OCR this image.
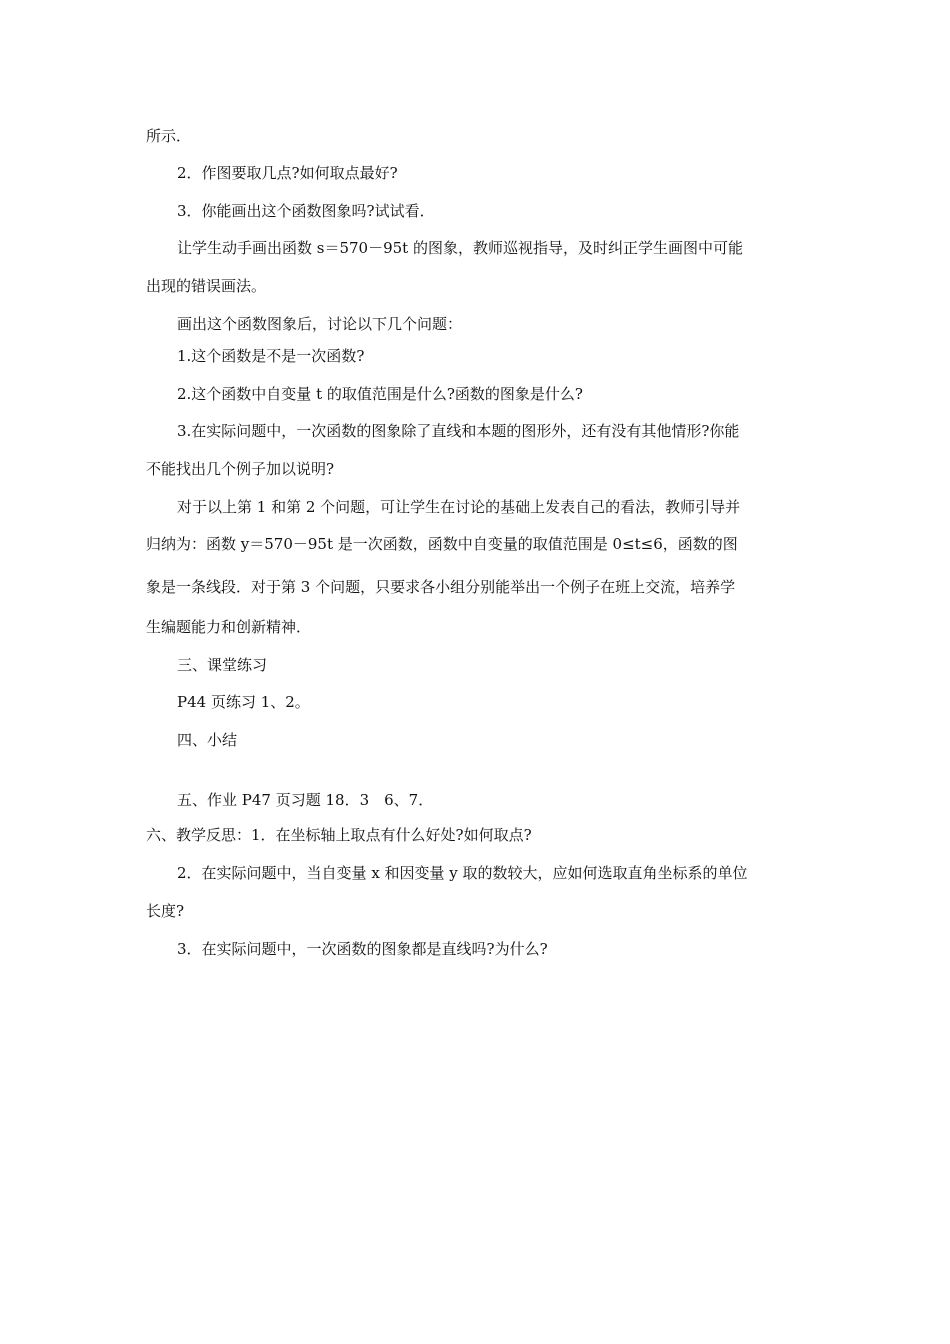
所示．
2．作图要取几点?如何取点最好?
3．你能画出这个函数图象吗?试试看．
让学生动手画出函数 s＝570－95t 的图象，教师巡视指导，及时纠正学生画图中可能
出现的错误画法。
画出这个函数图象后，讨论以下几个问题：
1.这个函数是不是一次函数?
2.这个函数中自变量 t 的取值范围是什么?函数的图象是什么?
3.在实际问题中，一次函数的图象除了直线和本题的图形外，还有没有其他情形?你能
不能找出几个例子加以说明?
对于以上第 1 和第 2 个问题，可让学生在讨论的基础上发表自己的看法，教师引导并
归纳为：函数 y＝570－95t 是一次函数，函数中自变量的取值范围是 0≤t≤6，函数的图
象是一条线段．对于第 3 个问题，只要求各小组分别能举出一个例子在班上交流，培养学
生编题能力和创新精神．
三、课堂练习
P44 页练习 1、2。
四、小结
五、作业 P47 页习题 18．3　6、7．
六、教学反思：1．在坐标轴上取点有什么好处?如何取点?
2．在实际问题中，当自变量 x 和因变量 y 取的数较大，应如何选取直角坐标系的单位
长度?
3．在实际问题中，一次函数的图象都是直线吗?为什么?
